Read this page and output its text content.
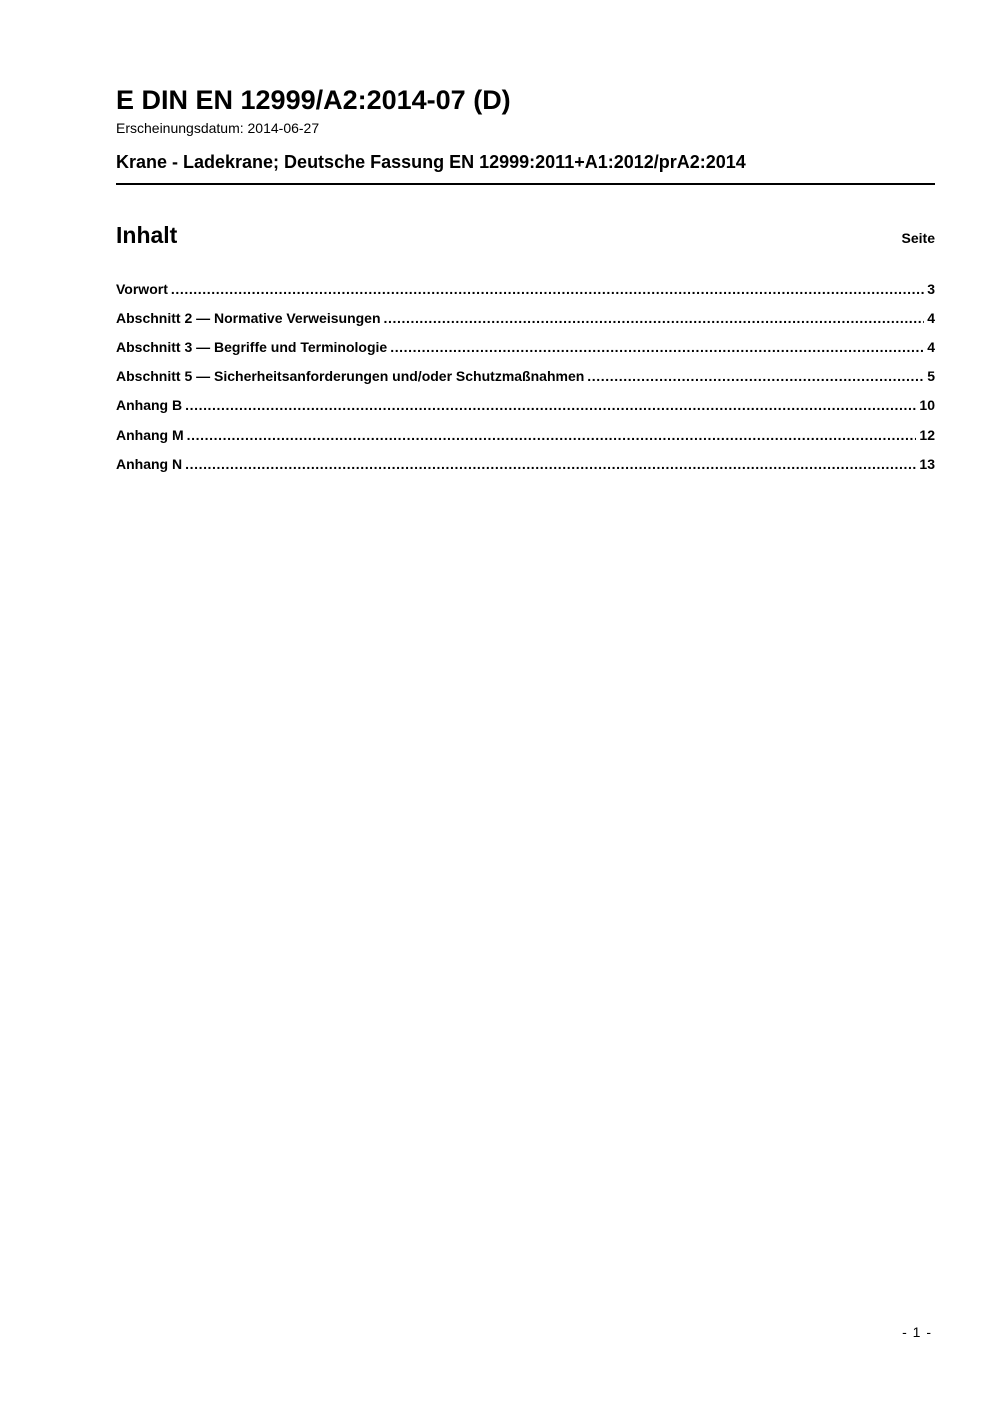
E DIN EN 12999/A2:2014-07 (D)
Erscheinungsdatum: 2014-06-27
Krane - Ladekrane; Deutsche Fassung EN 12999:2011+A1:2012/prA2:2014
Inhalt	Seite
Vorwort .....	3
Abschnitt 2 — Normative Verweisungen .....	4
Abschnitt 3 — Begriffe und Terminologie .....	4
Abschnitt 5 — Sicherheitsanforderungen und/oder Schutzmaßnahmen .....	5
Anhang B .....	10
Anhang M .....	12
Anhang N .....	13
- 1 -
